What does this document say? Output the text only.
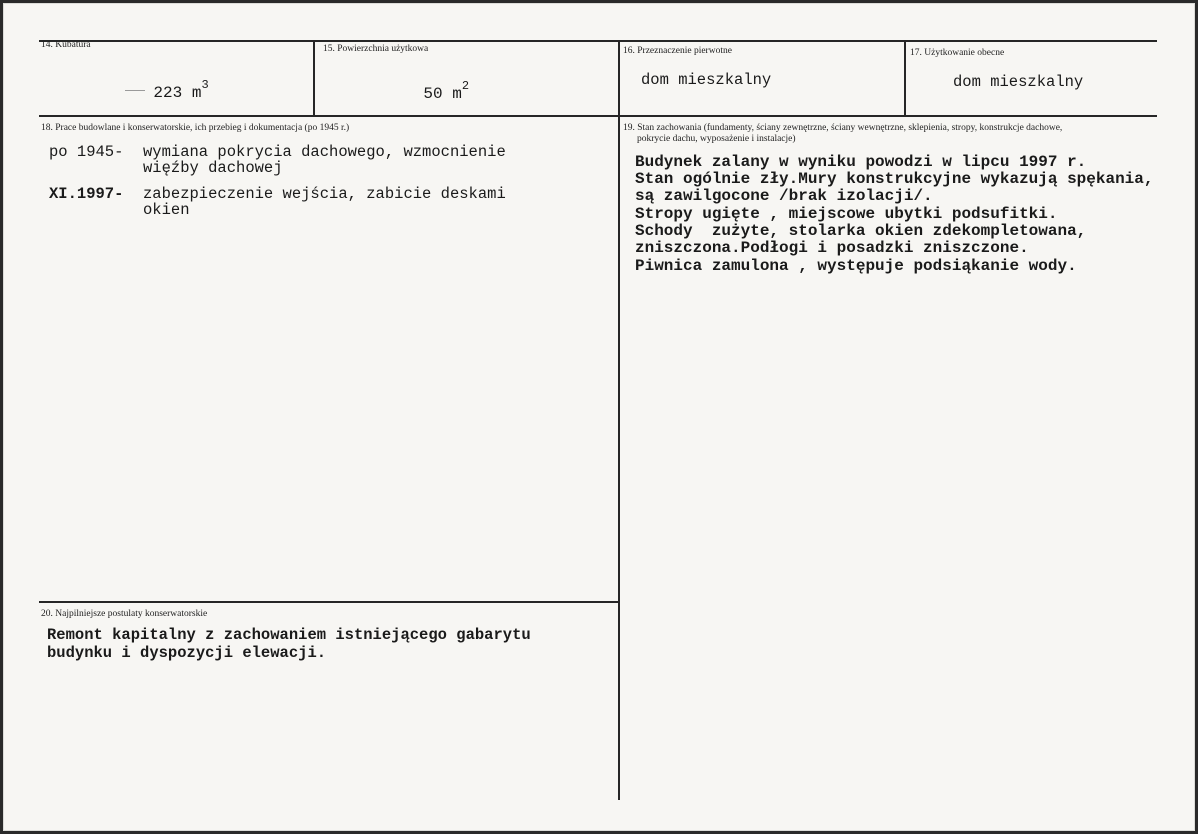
14. Kubatura

223 $m^3$

15. Powierzchnia użytkowa

50 $m^2$

16. Przeznaczenie pierwotne
dom mieszkalny
17. Użytkowanie obecne
dom mieszkalny
18. Prace budowlane i konserwatorskie, ich przebieg i dokumentacja (po 1945 r.)
po 1945- wymiana pokrycia dachowego, wzmocnienie
więźby dachowej
XI.1997- zabezpieczenie wejścia, zabicie deskami
okien
19. Stan zachowania (fundamenty, ściany zewnętrzne, ściany wewnętrzne, sklepienia, stropy, konstrukcje dachowe,
pokrycie dachu, wyposażenie i instalacje)
Budynek zalany w wyniku powodzi w lipcu 1997 r.
Stan ogólnie zły.Mury konstrukcyjne wykazują spękania,
są zawilgocone /brak izolacji/.
Stropy ugięte , miejscowe ubytki podsufitki.
Schody  zużyte, stolarka okien zdekompletowana,
zniszczona.Podłogi i posadzki zniszczone.
Piwnica zamulona , występuje podsiąkanie wody.
20. Najpilniejsze postulaty konserwatorskie
Remont kapitalny z zachowaniem istniejącego gabarytu
budynku i dyspozycji elewacji.
